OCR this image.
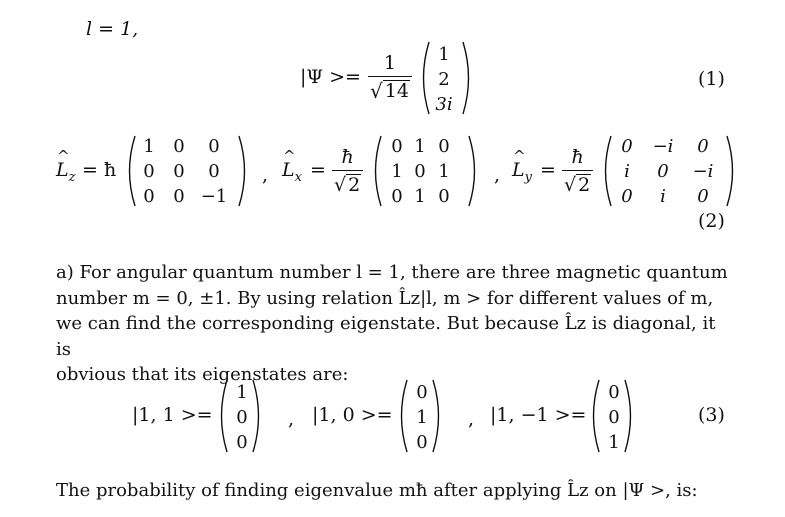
l = 1,
$|\Psi >= \frac{1}{√ 14}$	1
2
3i
(1)
^ $L_z$ = ħ
1	0	0
0	0	0
0	0 −1
, ^ $L_x = \frac{ħ}{√ 2}$
0 1 0
1 0 1
0 1 0
, ^ $L_y = \frac{ħ}{√ 2}$
0	−i	0
i	0	−i
0	i	0
(2)
a) For angular quantum number l = 1, there are three magnetic quantum
number m = 0, ±1. By using relation L̂z|l, m > for different values of m,
we can find the corresponding eigenstate. But because L̂z is diagonal, it is
obvious that its eigenstates are:
|1, 1 >=
1
0
0
, |1, 0 >=
0
1
0
, |1, −1 >=
0
0
1
(3)
The probability of finding eigenvalue mħ after applying L̂z on |Ψ >, is:
